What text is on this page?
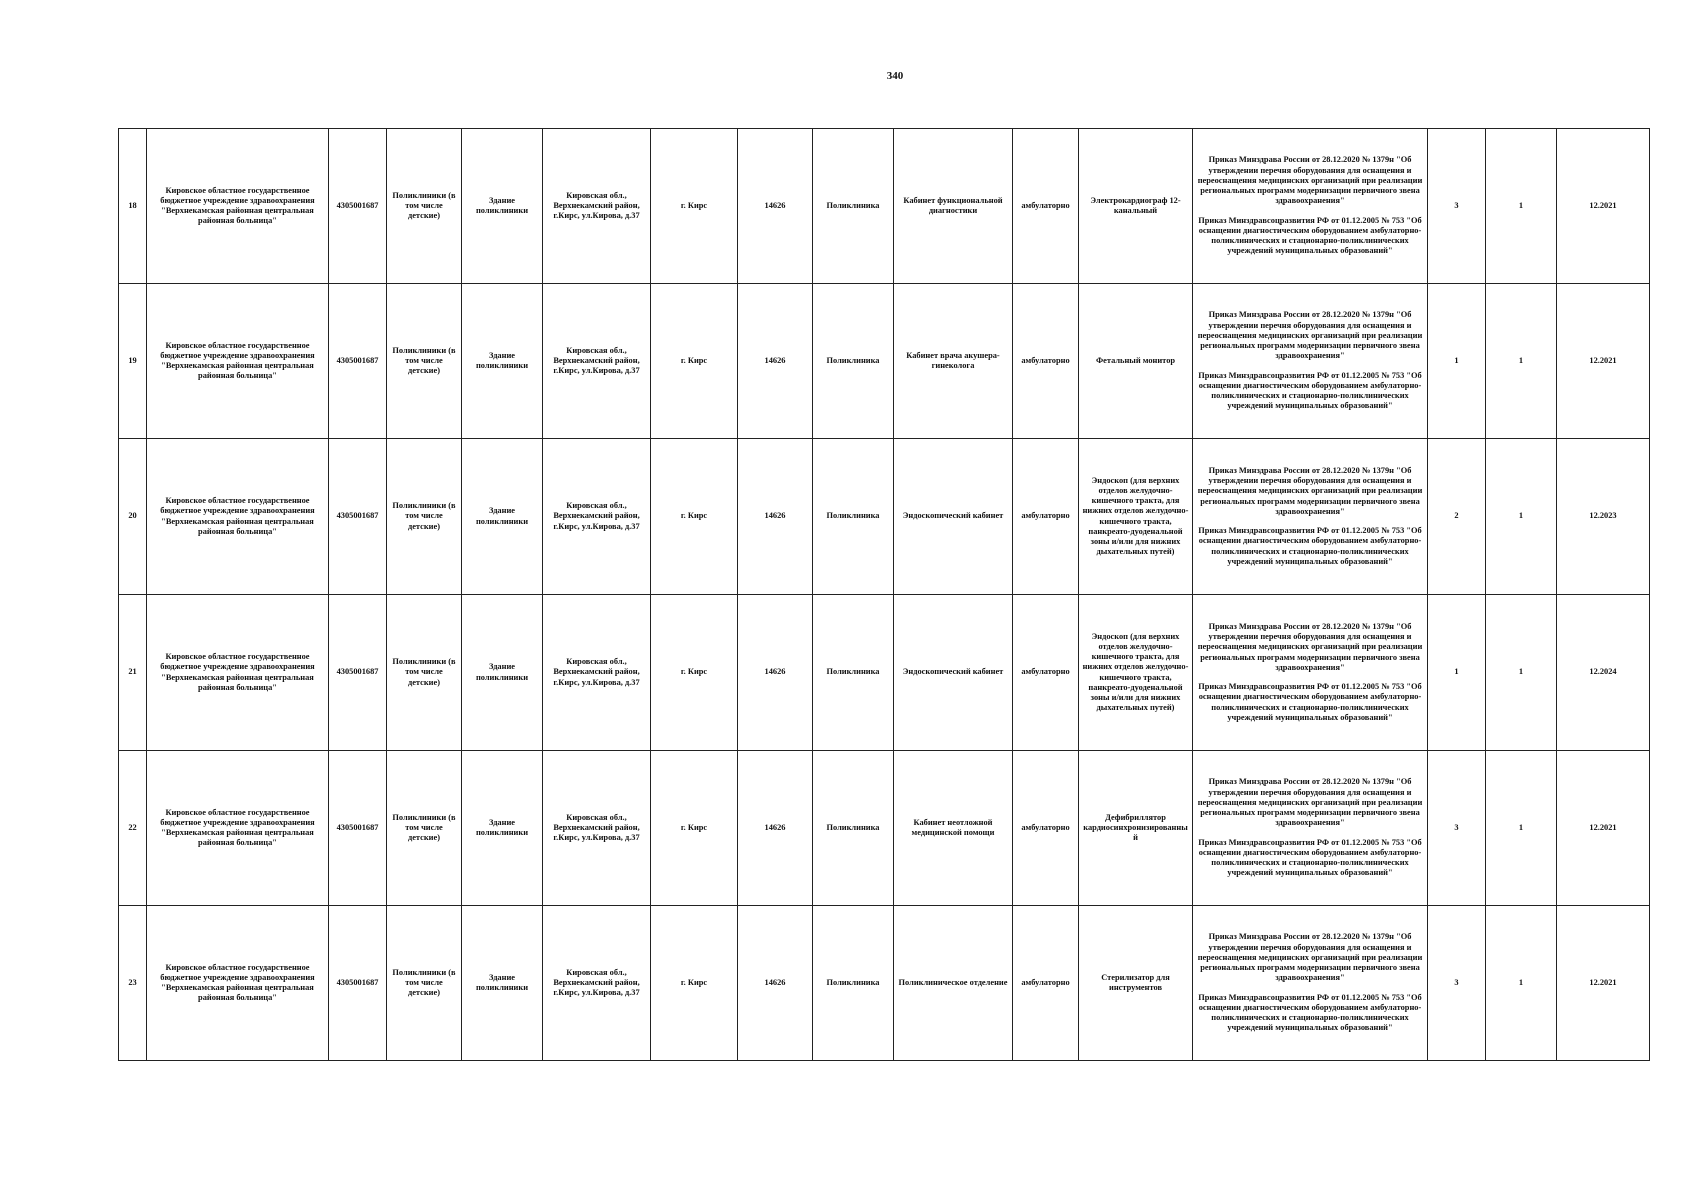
340
18	Кировское областное государственное бюджетное учреждение здравоохранения "Верхнекамская районная центральная районная больница"	4305001687	Поликлиники (в том числе детские)	Здание поликлиники	Кировская обл., Верхнекамский район, г.Кирс, ул.Кирова, д.37	г. Кирс	14626	Поликлиника	Кабинет функциональной диагностики	амбулаторно	Электрокардиограф 12-канальный	Приказ Минздрава России от 28.12.2020 № 1379н "Об утверждении перечня оборудования для оснащения и переоснащения медицинских организаций при реализации региональных программ модернизации первичного звена здравоохранения"
Приказ Минздравсоцразвития РФ от 01.12.2005 № 753 "Об оснащении диагностическим оборудованием амбулаторно-поликлинических и стационарно-поликлинических учреждений муниципальных образований"	3	1	12.2021
19	Кировское областное государственное бюджетное учреждение здравоохранения "Верхнекамская районная центральная районная больница"	4305001687	Поликлиники (в том числе детские)	Здание поликлиники	Кировская обл., Верхнекамский район, г.Кирс, ул.Кирова, д.37	г. Кирс	14626	Поликлиника	Кабинет врача акушера-гинеколога	амбулаторно	Фетальный монитор	Приказ Минздрава России от 28.12.2020 № 1379н "Об утверждении перечня оборудования для оснащения и переоснащения медицинских организаций при реализации региональных программ модернизации первичного звена здравоохранения"
Приказ Минздравсоцразвития РФ от 01.12.2005 № 753 "Об оснащении диагностическим оборудованием амбулаторно-поликлинических и стационарно-поликлинических учреждений муниципальных образований"	1	1	12.2021
20	Кировское областное государственное бюджетное учреждение здравоохранения "Верхнекамская районная центральная районная больница"	4305001687	Поликлиники (в том числе детские)	Здание поликлиники	Кировская обл., Верхнекамский район, г.Кирс, ул.Кирова, д.37	г. Кирс	14626	Поликлиника	Эндоскопический кабинет	амбулаторно	Эндоскоп (для верхних отделов желудочно-кишечного тракта, для нижних отделов желудочно-кишечного тракта, панкреато-дуоденальной зоны и/или для нижних дыхательных путей)	Приказ Минздрава России от 28.12.2020 № 1379н "Об утверждении перечня оборудования для оснащения и переоснащения медицинских организаций при реализации региональных программ модернизации первичного звена здравоохранения"
Приказ Минздравсоцразвития РФ от 01.12.2005 № 753 "Об оснащении диагностическим оборудованием амбулаторно-поликлинических и стационарно-поликлинических учреждений муниципальных образований"	2	1	12.2023
21	Кировское областное государственное бюджетное учреждение здравоохранения "Верхнекамская районная центральная районная больница"	4305001687	Поликлиники (в том числе детские)	Здание поликлиники	Кировская обл., Верхнекамский район, г.Кирс, ул.Кирова, д.37	г. Кирс	14626	Поликлиника	Эндоскопический кабинет	амбулаторно	Эндоскоп (для верхних отделов желудочно-кишечного тракта, для нижних отделов желудочно-кишечного тракта, панкреато-дуоденальной зоны и/или для нижних дыхательных путей)	Приказ Минздрава России от 28.12.2020 № 1379н "Об утверждении перечня оборудования для оснащения и переоснащения медицинских организаций при реализации региональных программ модернизации первичного звена здравоохранения"
Приказ Минздравсоцразвития РФ от 01.12.2005 № 753 "Об оснащении диагностическим оборудованием амбулаторно-поликлинических и стационарно-поликлинических учреждений муниципальных образований"	1	1	12.2024
22	Кировское областное государственное бюджетное учреждение здравоохранения "Верхнекамская районная центральная районная больница"	4305001687	Поликлиники (в том числе детские)	Здание поликлиники	Кировская обл., Верхнекамский район, г.Кирс, ул.Кирова, д.37	г. Кирс	14626	Поликлиника	Кабинет неотложной медицинской помощи	амбулаторно	Дефибриллятор кардиосинхронизированный	Приказ Минздрава России от 28.12.2020 № 1379н "Об утверждении перечня оборудования для оснащения и переоснащения медицинских организаций при реализации региональных программ модернизации первичного звена здравоохранения"
Приказ Минздравсоцразвития РФ от 01.12.2005 № 753 "Об оснащении диагностическим оборудованием амбулаторно-поликлинических и стационарно-поликлинических учреждений муниципальных образований"	3	1	12.2021
23	Кировское областное государственное бюджетное учреждение здравоохранения "Верхнекамская районная центральная районная больница"	4305001687	Поликлиники (в том числе детские)	Здание поликлиники	Кировская обл., Верхнекамский район, г.Кирс, ул.Кирова, д.37	г. Кирс	14626	Поликлиника	Поликлиническое отделение	амбулаторно	Стерилизатор для инструментов	Приказ Минздрава России от 28.12.2020 № 1379н "Об утверждении перечня оборудования для оснащения и переоснащения медицинских организаций при реализации региональных программ модернизации первичного звена здравоохранения"
Приказ Минздравсоцразвития РФ от 01.12.2005 № 753 "Об оснащении диагностическим оборудованием амбулаторно-поликлинических и стационарно-поликлинических учреждений муниципальных образований"	3	1	12.2021
